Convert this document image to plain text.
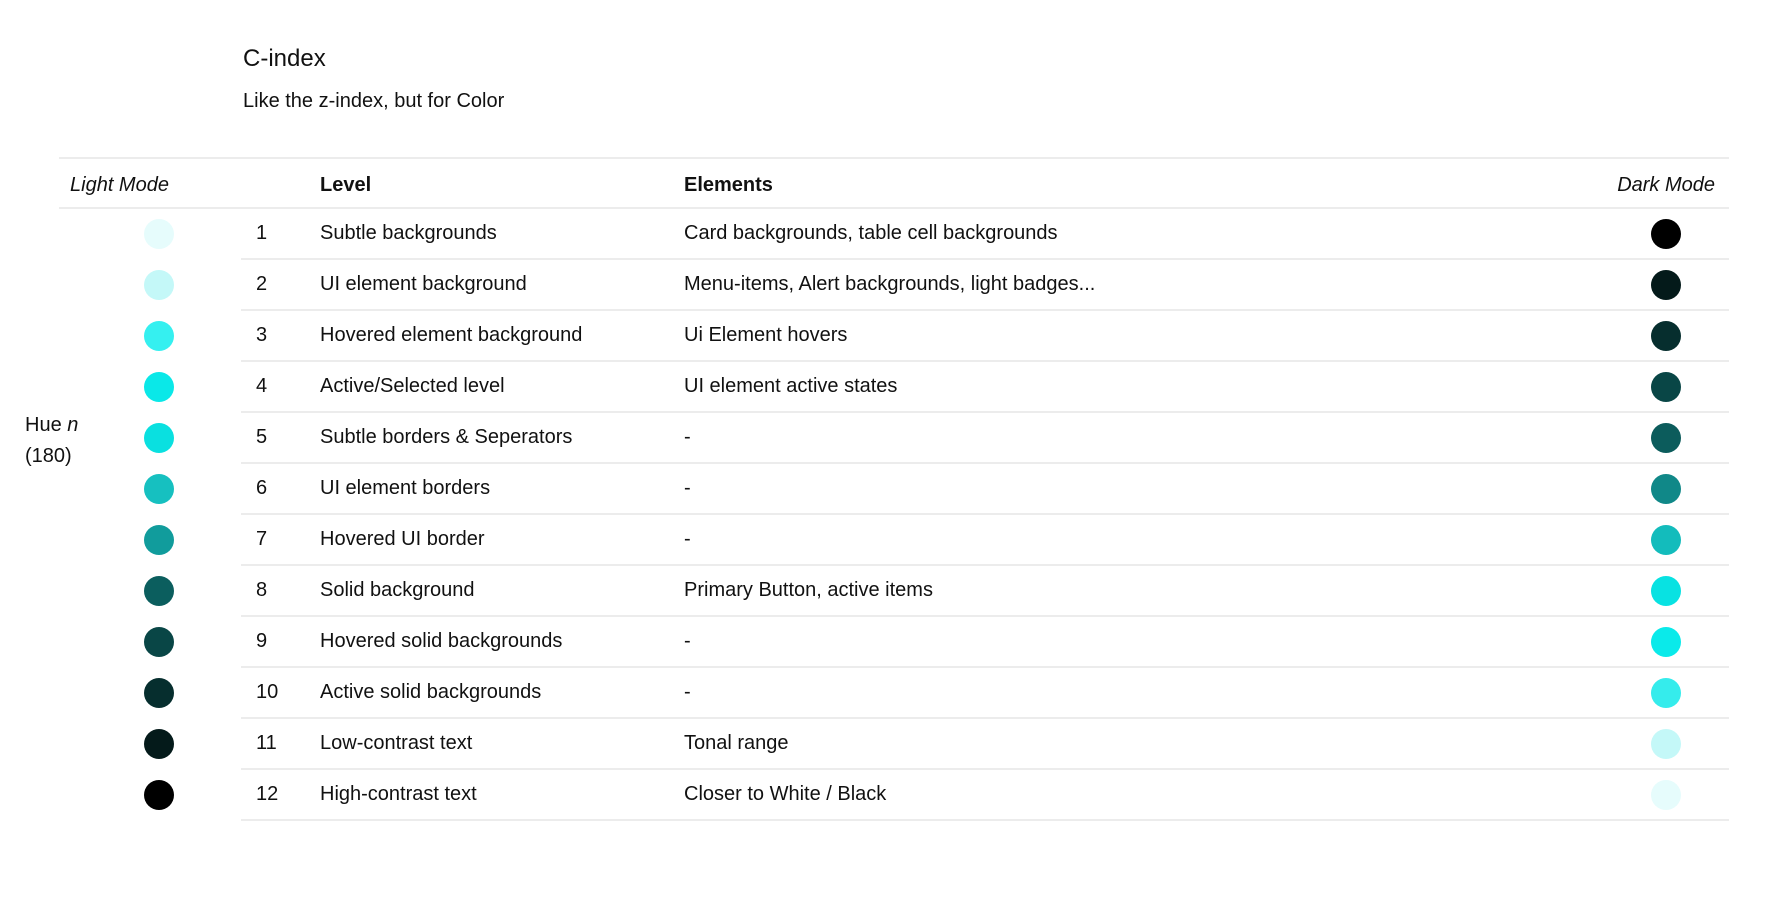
C-index

Like the z-index, but for Color

Light Mode	Level	Elements	Dark Mode
Hue n
(180)
1	Subtle backgrounds	Card backgrounds, table cell backgrounds
2	UI element background	Menu-items, Alert backgrounds, light badges...
3	Hovered element background	Ui Element hovers
4	Active/Selected level	UI element active states
5	Subtle borders & Seperators	-
6	UI element borders	-
7	Hovered UI border	-
8	Solid background	Primary Button, active items
9	Hovered solid backgrounds	-
10 Active solid backgrounds	-
11 Low-contrast text	Tonal range
12 High-contrast text	Closer to White / Black
